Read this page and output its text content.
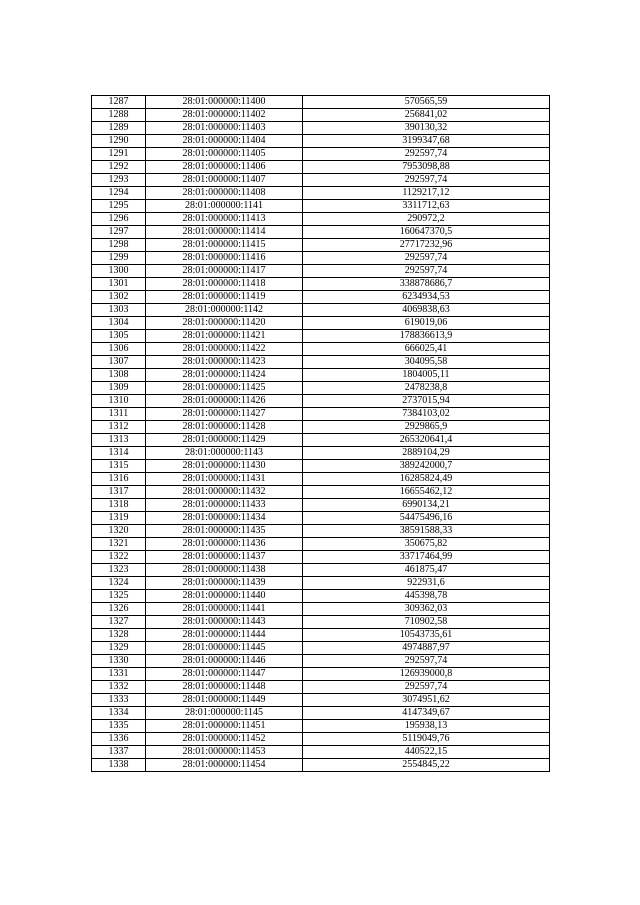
1287	28:01:000000:11400	570565,59
1288	28:01:000000:11402	256841,02
1289	28:01:000000:11403	390130,32
1290	28:01:000000:11404	3199347,68
1291	28:01:000000:11405	292597,74
1292	28:01:000000:11406	7953098,88
1293	28:01:000000:11407	292597,74
1294	28:01:000000:11408	1129217,12
1295	28:01:000000:1141	3311712,63
1296	28:01:000000:11413	290972,2
1297	28:01:000000:11414	160647370,5
1298	28:01:000000:11415	27717232,96
1299	28:01:000000:11416	292597,74
1300	28:01:000000:11417	292597,74
1301	28:01:000000:11418	338878686,7
1302	28:01:000000:11419	6234934,53
1303	28:01:000000:1142	4069838,63
1304	28:01:000000:11420	619019,06
1305	28:01:000000:11421	178836613,9
1306	28:01:000000:11422	666025,41
1307	28:01:000000:11423	304095,58
1308	28:01:000000:11424	1804005,11
1309	28:01:000000:11425	2478238,8
1310	28:01:000000:11426	2737015,94
1311	28:01:000000:11427	7384103,02
1312	28:01:000000:11428	2929865,9
1313	28:01:000000:11429	265320641,4
1314	28:01:000000:1143	2889104,29
1315	28:01:000000:11430	389242000,7
1316	28:01:000000:11431	16285824,49
1317	28:01:000000:11432	16655462,12
1318	28:01:000000:11433	6990134,21
1319	28:01:000000:11434	54475496,16
1320	28:01:000000:11435	38591588,33
1321	28:01:000000:11436	350675,82
1322	28:01:000000:11437	33717464,99
1323	28:01:000000:11438	461875,47
1324	28:01:000000:11439	922931,6
1325	28:01:000000:11440	445398,78
1326	28:01:000000:11441	309362,03
1327	28:01:000000:11443	710902,58
1328	28:01:000000:11444	10543735,61
1329	28:01:000000:11445	4974887,97
1330	28:01:000000:11446	292597,74
1331	28:01:000000:11447	126939000,8
1332	28:01:000000:11448	292597,74
1333	28:01:000000:11449	3074951,62
1334	28:01:000000:1145	4147349,67
1335	28:01:000000:11451	195938,13
1336	28:01:000000:11452	5119049,76
1337	28:01:000000:11453	440522,15
1338	28:01:000000:11454	2554845,22
